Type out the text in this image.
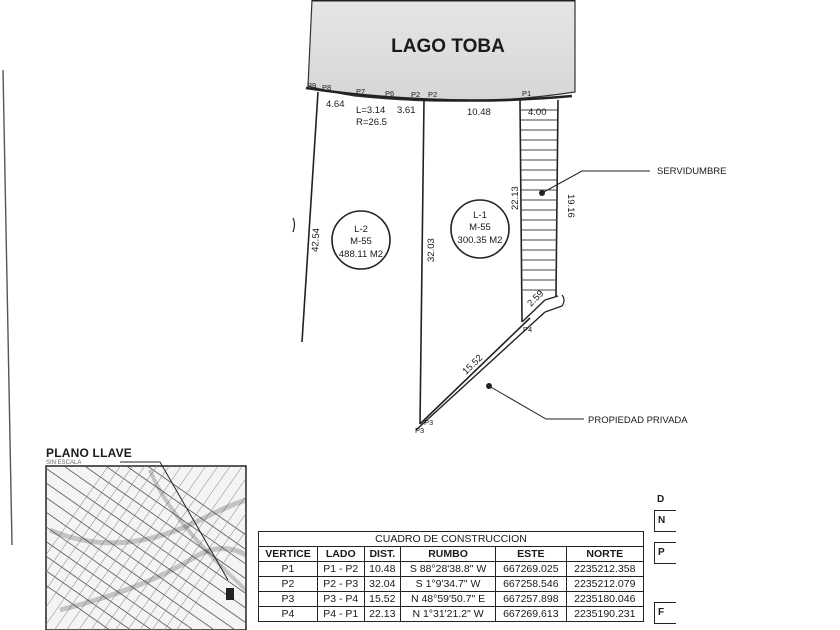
LAGO TOBA
P9 P8	P7	P6 P2 P2	P1
4.64
L=3.14
R=26.5
3.61	10.48	4.00
22.13	19.16
2.59
42.54	32.03
15.52
P4
P3
P3
L-2
M-55
488.11 M2
L-1
M-55
300.35 M2
SERVIDUMBRE
PROPIEDAD PRIVADA
PLANO LLAVE
SIN ESCALA
CUADRO DE CONSTRUCCION					
VERTICE	LADO	DIST.	RUMBO	ESTE	NORTE
P1	P1 - P2	10.48	S 88°28'38.8" W	667269.025	2235212.358
P2	P2 - P3	32.04	S 1°9'34.7" W	667258.546	2235212.079
P3	P3 - P4	15.52	N 48°59'50.7" E	667257.898	2235180.046
P4	P4 - P1	22.13	N 1°31'21.2" W	667269.613	2235190.231
D
N
P
F
